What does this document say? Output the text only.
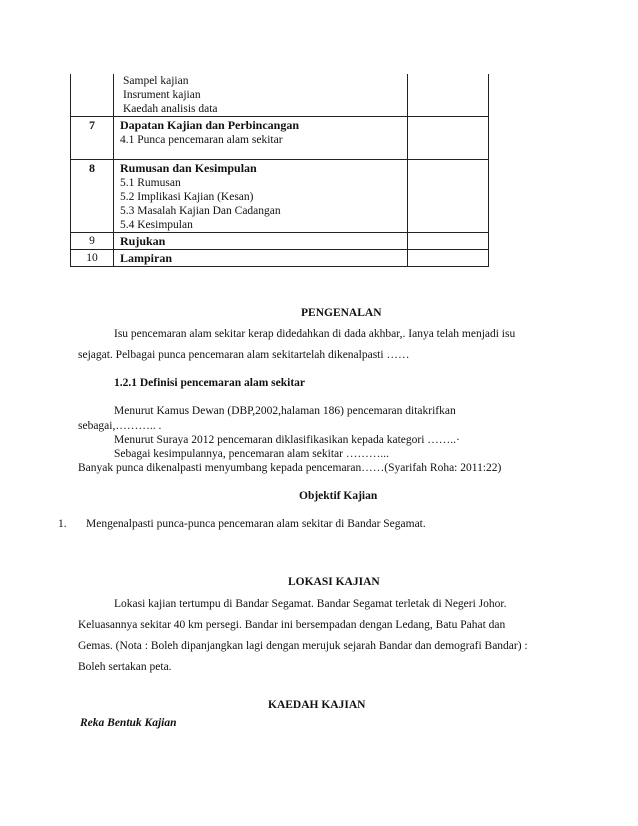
	Sampel kajian
Insrument kajian
Kaedah analisis data	

7	Dapatan Kajian dan Perbincangan
4.1 Punca pencemaran alam sekitar	

8	Rumusan dan Kesimpulan
5.1 Rumusan
5.2 Implikasi Kajian (Kesan)
5.3 Masalah Kajian Dan Cadangan
5.4 Kesimpulan	

9	Rujukan	

10	Lampiran	

PENGENALAN
Isu pencemaran alam sekitar kerap didedahkan di dada akhbar,. Ianya telah menjadi isu
sejagat. Pelbagai punca pencemaran alam sekitartelah dikenalpasti ……
1.2.1 Definisi pencemaran alam sekitar
Menurut Kamus Dewan (DBP,2002,halaman 186) pencemaran ditakrifkan
sebagai,……….. .
Menurut Suraya 2012 pencemaran diklasifikasikan kepada kategori ……..·
Sebagai kesimpulannya, pencemaran alam sekitar ………...
Banyak punca dikenalpasti menyumbang kepada pencemaran……(Syarifah Roha: 2011:22)
Objektif Kajian
1. Mengenalpasti punca-punca pencemaran alam sekitar di Bandar Segamat.
LOKASI KAJIAN
Lokasi kajian tertumpu di Bandar Segamat. Bandar Segamat terletak di Negeri Johor.
Keluasannya sekitar 40 km persegi. Bandar ini bersempadan dengan Ledang, Batu Pahat dan
Gemas. (Nota : Boleh dipanjangkan lagi dengan merujuk sejarah Bandar dan demografi Bandar) :
Boleh sertakan peta.
KAEDAH KAJIAN
Reka Bentuk Kajian
